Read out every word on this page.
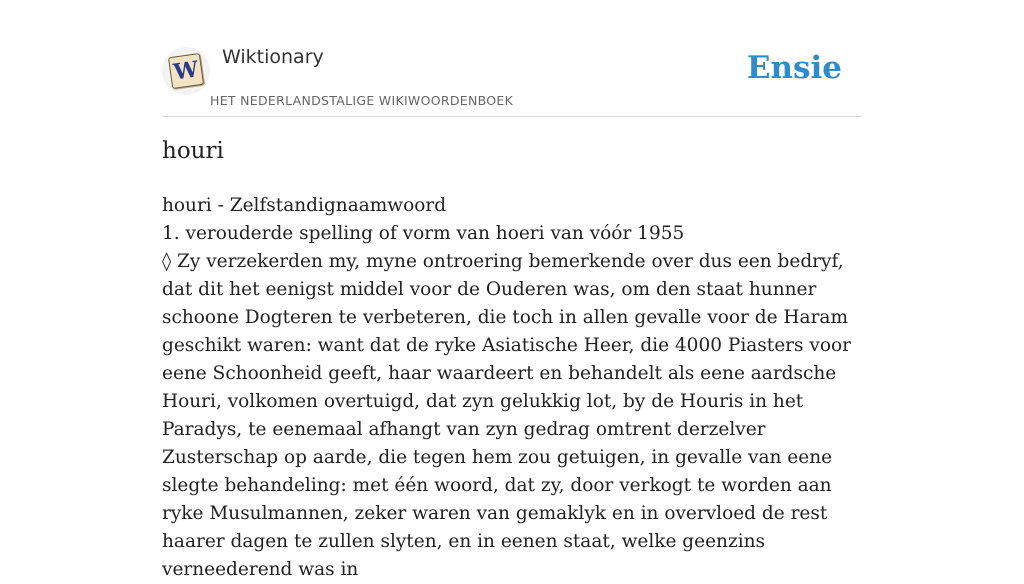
W Wiktionary
HET NEDERLANDSTALIGE WIKIWOORDENBOEK
Ensie
houri

houri - Zelfstandignaamwoord

1. verouderde spelling of vorm van hoeri van vóór 1955

◊ Zy verzekerden my, myne ontroering bemerkende over dus een bedryf, dat dit het eenigst middel voor de Ouderen was, om den staat hunner schoone Dogteren te verbeteren, die toch in allen gevalle voor de Haram geschikt waren: want dat de ryke Asiatische Heer, die 4000 Piasters voor eene Schoonheid geeft, haar waardeert en behandelt als eene aardsche Houri, volkomen overtuigd, dat zyn gelukkig lot, by de Houris in het Paradys, te eenemaal afhangt van zyn gedrag omtrent derzelver Zusterschap op aarde, die tegen hem zou getuigen, in gevalle van eene slegte behandeling: met één woord, dat zy, door verkogt te worden aan ryke Musulmannen, zeker waren van gemaklyk en in overvloed de rest haarer dagen te zullen slyten, en in eenen staat, welke geenzins verneederend was in
